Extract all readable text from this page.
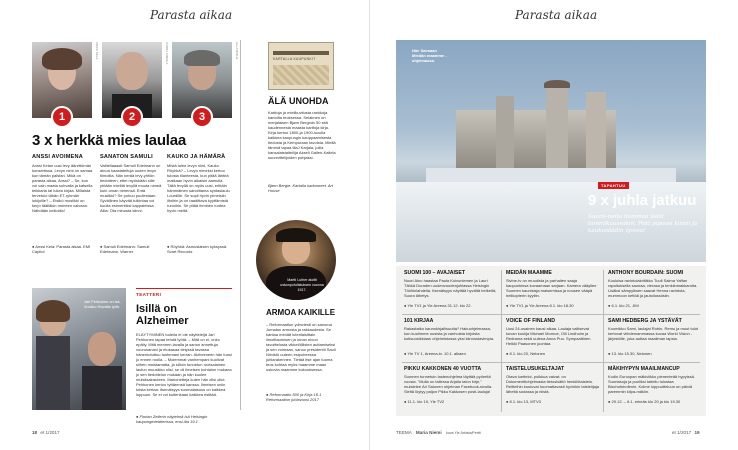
Parasta aikaa
ANSSI KELA	SANNA SIMOLA	ALLA ROIHA
1	2	3
3 x herkkä mies laulaa
ANSSI AVOIMENA
Anssi Kelan uusi levy äärettömän konsertissa. Levyn nimi on samaa kun tämän palstan. Mikä on parasta aikaa, Anssi? – Se, kun voi vain maata sohvalla ja katsella telkkaria tai lukea kirjaa. Millaista tervetulo tähän ET-ryhmän lukijoille? – Etsikö musiikki on kerjo täälläkin moneen vaivaan. Nähdään keikoilla!
● Anssi Kela: Parasta aikaa. EMI Capitol
SANATON SAMULI
Vaitteliaaasti Samuli Edelmann on ainoa haastateltuja uuden levyn tiimoilta. Nän kerää levy-yhtiön tiedotteen, ettei myöskään sille yhtään mietitä levyllä muuta nimeä kuin oman nimensä. Entä musiikki? Se puhuu puolestaan. Syvällinen käyvää tulkintaa voi kuulla esimerkiksi kappaleissa Ällia: Ota minusta kiinni.
● Samuli Edelmann: Samuli Edelmann. Warner
KAUKO JA HÄMÄRÄ
Mistä tulee levyn nimi, Kauko Röyhkä? – Levyn nimeksi kertoo tulosta tilanteesta, kun pitää lähteä matkaan hyvin aikaisin aamulla. Tällä levyllä on myös uusi, erittäin hämmäinen sanoittama syntaslaulu Lourdille. Se sopii hyvin pimeisiin iltoihin ja on raadittava kyyttämistä runoihin. Se pitää ihminen tuntea hyvin meitä.
● Röyhkä: Asmuslaisen syksyssä. Svart Records
KARTALLA KAUPUNKIT
ÄLÄ UNOHDA
Karttoja ja mielikuvitusta rankkoja kartoilta teoksessa. Selaimen on merjalaisen Bjørn Berginin 50 sitä kaudennesta maasta karttoja kirja. Kirja kertoo 1800-ja 1900-luvulla kaikkea kaupungin kauppaamisesta tiedosta ja Kempuraan tavoista. Miellä tämmä tapaa tilaJ Karjala, joilla kansalaistaiteilija Akseli Gallen-Kallela suunnittelijoiden pohjaksi.
Bjørn Bergie: Kartalla kadonneet. Art House
Martti Luther aloitti uskonpuhdistuksen vuonna 1517.
ARMOA KAIKILLE
– Reformaation ydinviesti on sanoma Jumalan armosta ja rakkaudesta. Se kantaa meidät luterilaisittain ilmoittaumisen ja oman eloon tavoittelusta vikkelöillisten auttamiseksi ja sen voimaan, sanoo presidentti Sauli Niinistö uuteen esipuheessa juhlarakennen. Tietää itse ajan tuoma teos kohtaa myös maamme maan uskovia maamme kokouksessa.
● Reformaatio 500 ja Kirja 18.1 Reformaation juhlavuosi 2017
Jari Pehkonen on isä, Vuokko Hovatta tytär.
TEATTERI
Isillä on Alzheimer
ELÄYTYMINEN todella ei ole näytteleijä Jari Pehkonen tapaa tehdä työtä. – Mitä on ei, onko epäily. Mitä mennen lavalla ja sanon annettuja vuorosanani ja etukasaa tietyssä tavassa hänentotuttuu tuntemani kerran. Alzheimerin hän tunsi jo ennen roolia. – Moiemmat vanhempani kuolivat siihen muistamatta, ja silloin tunnetun ruotsalainen laulun muusikko olisi, se oli ilmeisen kohtalon mukana jo sen tiedottelun mukaan ja hän kuolee muistisairauteen. Marionetteja kuten hän olisi ollut. Pehkonen kertoo tyttärensä kanssa. Ilmeisen uniin toista kertaa: itsenäisyys suomalaisuus on kaikkea loppuun. Se ei voi kuitenkaan kaikkea esittää.
● Florian Zellerin näytelmä Isä Helsingin kaupunginteatterissa, ensi-ilta 19.1.
18 et 1/2017
Parasta aikaa
Näe Saimaan Meidän maamme -ohjelmassa.
TAPAHTUU
9 x juhla jatkuu
Suomi-neito hummaa vielä tammikuussakin. Pidä pipoosi kiinni ja kaukosäädin ojossa!
SUOMI 100 – AVAJAISET
Nuori Aino haastaa Paula Koivuniemen ja Lauri Tähkä Duraden uudenvuodenjuhlassa Helsingin Töölönlahdella. Itsenäisyys näyttää hyvältä hetkeltä, Suora lähetys.
● Yle TV1 ja Yle Areena 31.12. klo 22.
MEIDÄN MAAMME
Sivine-tv on muodista ja parhaiten saaja kaupunkinsa kuvaamaan sarjaan. Kamera vääyllee Suomen kaunisisja maisemissa ja nousee vääpä helikopterin kyytiin.
● Yle TV1 ja Yle Areena 8.1. klo 18.30
ANTHONY BOURDAIN: SUOMI
Kuuluisa ravintolakriitikko Tuuli Saima Yaffan rapoituksella saunaa, vierasa ja tenkiinmakkaroita. Lisäksi sämpylksen saavat Henna ravintola, mummoon kettöä ja jautoilussiisiin.
● 6.1. klo 21, JIM
101 KIRJAA
Rakastatko kaunokirjallisuutta? Hakuohjelmassa, kun kuulimme uusista ja vanhoista kirjoista kotisuosikkiaan ohjelmistossa yksi kiinnostavimpia.
● Yle TV 1, Areena-tv. 10.1. alkaen
VOICE OF FINLAND
Uusi 24-osainen kausi alkaa. Laulaja valitsevat kuvan kuulija Michael Monroe, Olli Lindholm ja Redrama sekä uutena Anna Puu. Sympaattinen Heikki Paasonen juontaa.
● 8.1. klo 20, Nelonen
SAMI HEDBERG JA YSTÄVÄT
Koomikko Sami, laulajat Robin, Remu ja muut tulot kertovat viihdemammassa kuvaa World Vision -järjestölle, joka auttaa maailman lapsia.
● 13. klo 15.30, Nelonen
PIKKU KAKKONEN 40 VUOTTA
Suomen tunnetuin lastenohjelma täyttää pyöreitä vuosia. "Mulla on tallessa Arjalla talon kirje," muistelee Ari Salonen ohjelman Facebook-sivulla. Sieltä löytyy paljon Pikku Kakkosen posti-lauluja!
● 11.1. klo 19, Yle TV2
TAISTELUSUKELTAJAT
Otava luetteloi, poikkua vaivat: on Dokumenttiohjelmasta tietosisältö henkilötaistelu. Reitteihin kuuluvat huomattavasti hyvinkin taistelijaja läheltä sodassa ja niistä.
● 8.1. klo 13, MTV3
MÄKIHYPYN MAAILMANCUP
Kodin Euroopan mäkiviikko pienenteää hypyissä. Suurtasoja ja puoliksi taiteilu tulostaa Bischofshofenin. Kolme loppuotteluun on päiviä paremmin kilpa-mäkiin.
● 29.12. – 6.1. erkeäs klo 20 ja klo 19.30
TEEMA Maria Niemi kuva Yle Arkista/Pertti	et 1/2017 19
